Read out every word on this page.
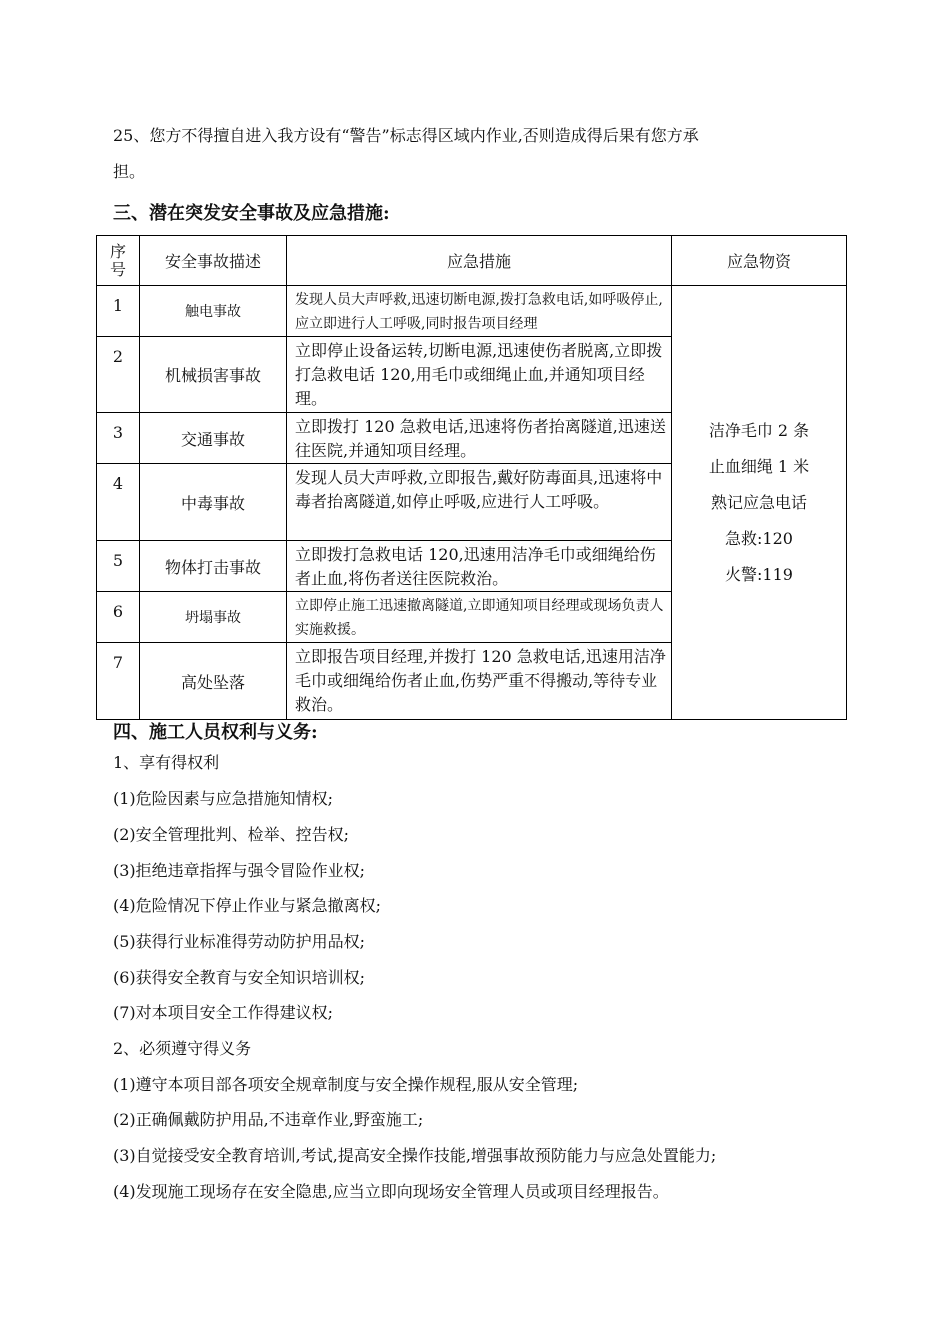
25、您方不得擅自进入我方设有“警告”标志得区域内作业,否则造成得后果有您方承
担。
三、潜在突发安全事故及应急措施:
序
号	安全事故描述	应急措施	应急物资
1	触电事故	发现人员大声呼救,迅速切断电源,拨打急救电话,如呼吸停止,应立即进行人工呼吸,同时报告项目经理	洁净毛巾 2 条
止血细绳 1 米
熟记应急电话
急救:120
火警:119

2	机械损害事故	立即停止设备运转,切断电源,迅速使伤者脱离,立即拨打急救电话 120,用毛巾或细绳止血,并通知项目经理。	
3	交通事故	立即拨打 120 急救电话,迅速将伤者抬离隧道,迅速送往医院,并通知项目经理。	
4	中毒事故	发现人员大声呼救,立即报告,戴好防毒面具,迅速将中毒者抬离隧道,如停止呼吸,应进行人工呼吸。	
5	物体打击事故	立即拨打急救电话 120,迅速用洁净毛巾或细绳给伤者止血,将伤者送往医院救治。	
6	坍塌事故	立即停止施工迅速撤离隧道,立即通知项目经理或现场负责人实施救援。	
7	高处坠落	立即报告项目经理,并拨打 120 急救电话,迅速用洁净毛巾或细绳给伤者止血,伤势严重不得搬动,等待专业救治。	
四、施工人员权利与义务:
1、享有得权利
(1)危险因素与应急措施知情权;
(2)安全管理批判、检举、控告权;
(3)拒绝违章指挥与强令冒险作业权;
(4)危险情况下停止作业与紧急撤离权;
(5)获得行业标准得劳动防护用品权;
(6)获得安全教育与安全知识培训权;
(7)对本项目安全工作得建议权;
2、必须遵守得义务
(1)遵守本项目部各项安全规章制度与安全操作规程,服从安全管理;
(2)正确佩戴防护用品,不违章作业,野蛮施工;
(3)自觉接受安全教育培训,考试,提高安全操作技能,增强事故预防能力与应急处置能力;
(4)发现施工现场存在安全隐患,应当立即向现场安全管理人员或项目经理报告。
